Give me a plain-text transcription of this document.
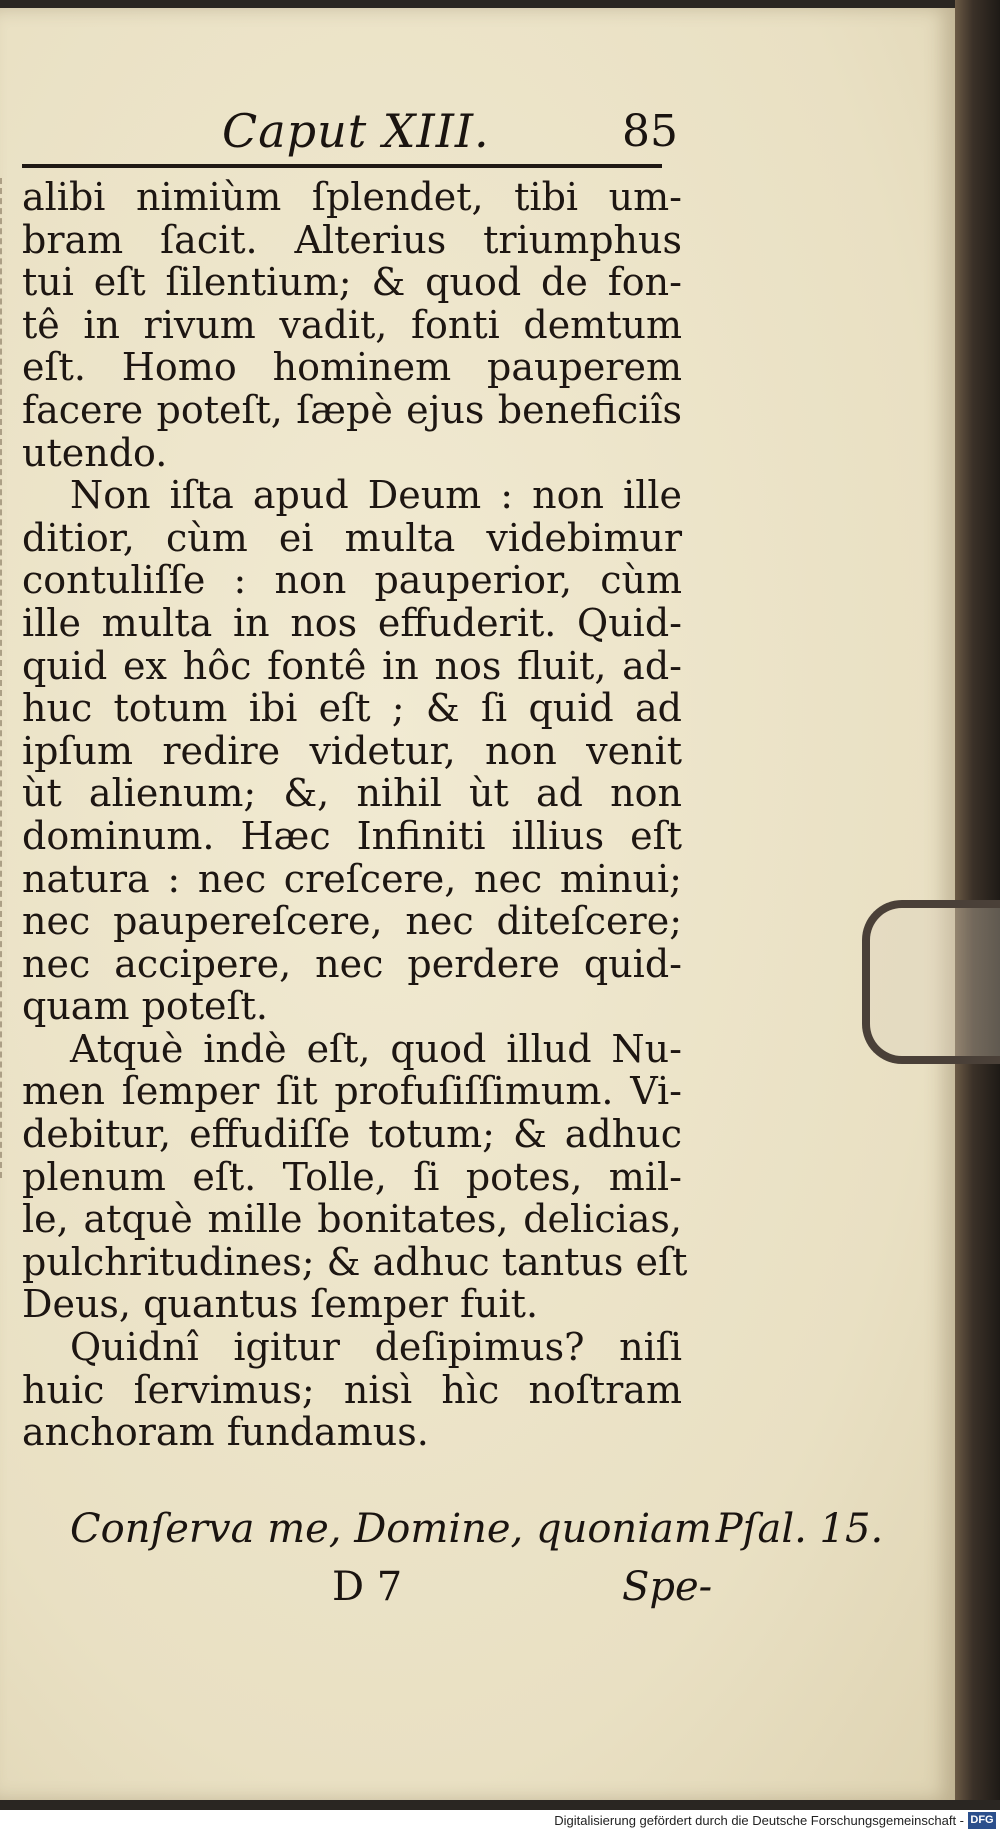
Caput XIII.	85
alibi nimiùm ſplendet, tibi um-
bram ſacit. Alterius triumphus
tui eſt ſilentium; & quod de fon-
tê in rivum vadit, fonti demtum
eſt. Homo hominem pauperem
facere poteſt, ſæpè ejus beneficiîs
utendo.
Non iſta apud Deum : non ille
ditior, cùm ei multa videbimur
contuliſſe : non pauperior, cùm
ille multa in nos effuderit. Quid-
quid ex hôc fontê in nos fluit, ad-
huc totum ibi eſt ; & ſi quid ad
ipſum redire videtur, non venit
ùt alienum; &, nihil ùt ad non
dominum. Hæc Infiniti illius eſt
natura : nec creſcere, nec minui;
nec paupereſcere, nec diteſcere;
nec accipere, nec perdere quid-
quam poteſt.
Atquè indè eſt, quod illud Nu-
men ſemper ſit profuſiſſimum. Vi-
debitur, effudiſſe totum; & adhuc
plenum eſt. Tolle, ſi potes, mil-
le, atquè mille bonitates, delicias,
pulchritudines; & adhuc tantus eſt
Deus, quantus ſemper fuit.
Quidnî igitur deſipimus? niſi
huic ſervimus; nisì hìc noſtram
anchoram fundamus.
Conſerva me, Domine, quoniam Pſal. 15.
D 7	Spe-
Digitalisierung gefördert durch die Deutsche Forschungsgemeinschaft - DFG
